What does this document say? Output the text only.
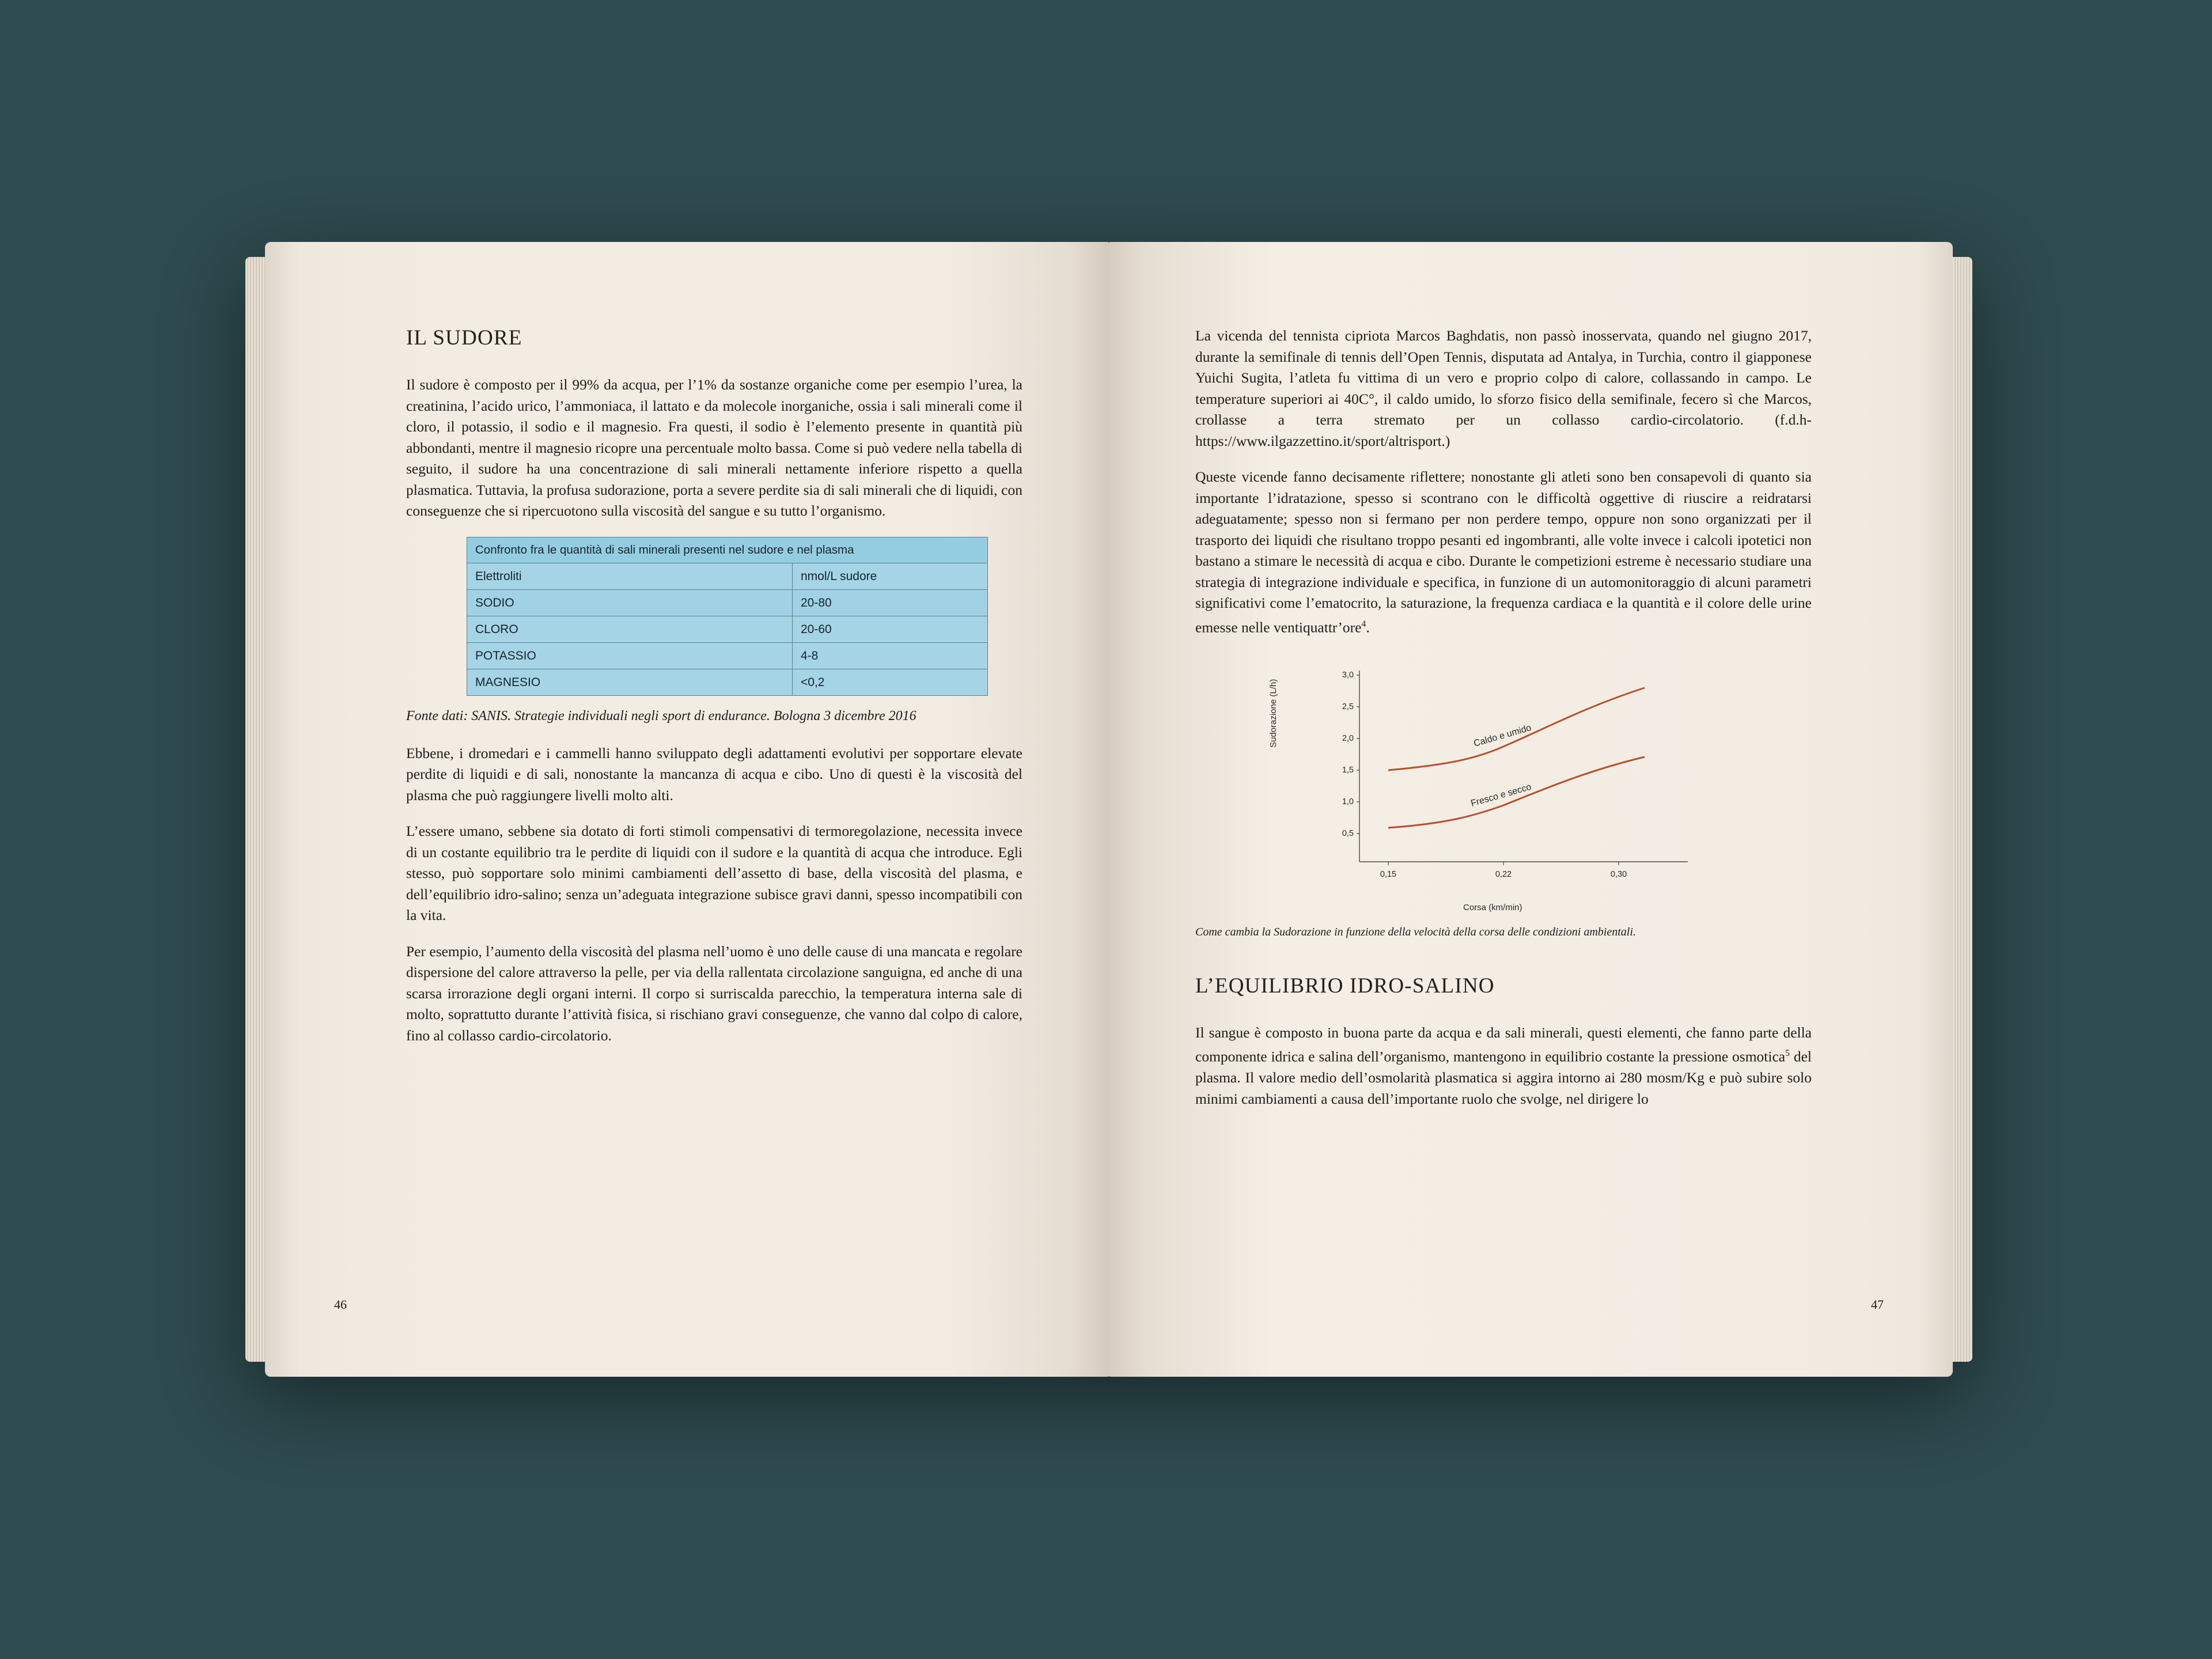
IL SUDORE

Il sudore è composto per il 99% da acqua, per l’1% da sostanze organiche come per esempio l’urea, la creatinina, l’acido urico, l’ammoniaca, il lattato e da molecole inorganiche, ossia i sali minerali come il cloro, il potassio, il sodio e il magnesio. Fra questi, il sodio è l’elemento presente in quantità più abbondanti, mentre il magnesio ricopre una percentuale molto bassa. Come si può vedere nella tabella di seguito, il sudore ha una concentrazione di sali minerali nettamente inferiore rispetto a quella plasmatica. Tuttavia, la profusa sudorazione, porta a severe perdite sia di sali minerali che di liquidi, con conseguenze che si ripercuotono sulla viscosità del sangue e su tutto l’organismo.

Confronto fra le quantità di sali minerali presenti nel sudore e nel plasma	
Elettroliti	nmol/L sudore
SODIO	20-80
CLORO	20-60
POTASSIO	4-8
MAGNESIO	<0,2
Fonte dati: SANIS. Strategie individuali negli sport di endurance. Bologna 3 dicembre 2016

Ebbene, i dromedari e i cammelli hanno sviluppato degli adattamenti evolutivi per sopportare elevate perdite di liquidi e di sali, nonostante la mancanza di acqua e cibo. Uno di questi è la viscosità del plasma che può raggiungere livelli molto alti.

L’essere umano, sebbene sia dotato di forti stimoli compensativi di termoregolazione, necessita invece di un costante equilibrio tra le perdite di liquidi con il sudore e la quantità di acqua che introduce. Egli stesso, può sopportare solo minimi cambiamenti dell’assetto di base, della viscosità del plasma, e dell’equilibrio idro-salino; senza un’adeguata integrazione subisce gravi danni, spesso incompatibili con la vita.

Per esempio, l’aumento della viscosità del plasma nell’uomo è uno delle cause di una mancata e regolare dispersione del calore attraverso la pelle, per via della rallentata circolazione sanguigna, ed anche di una scarsa irrorazione degli organi interni. Il corpo si surriscalda parecchio, la temperatura interna sale di molto, soprattutto durante l’attività fisica, si rischiano gravi conseguenze, che vanno dal colpo di calore, fino al collasso cardio-circolatorio.

46

La vicenda del tennista cipriota Marcos Baghdatis, non passò inosservata, quando nel giugno 2017, durante la semifinale di tennis dell’Open Tennis, disputata ad Antalya, in Turchia, contro il giapponese Yuichi Sugita, l’atleta fu vittima di un vero e proprio colpo di calore, collassando in campo. Le temperature superiori ai 40C°, il caldo umido, lo sforzo fisico della semifinale, fecero sì che Marcos, crollasse a terra stremato per un collasso cardio-circolatorio. (f.d.h-https://www.ilgazzettino.it/sport/altrisport.)

Queste vicende fanno decisamente riflettere; nonostante gli atleti sono ben consapevoli di quanto sia importante l’idratazione, spesso si scontrano con le difficoltà oggettive di riuscire a reidratarsi adeguatamente; spesso non si fermano per non perdere tempo, oppure non sono organizzati per il trasporto dei liquidi che risultano troppo pesanti ed ingombranti, alle volte invece i calcoli ipotetici non bastano a stimare le necessità di acqua e cibo. Durante le competizioni estreme è necessario studiare una strategia di integrazione individuale e specifica, in funzione di un automonitoraggio di alcuni parametri significativi come l’ematocrito, la saturazione, la frequenza cardiaca e la quantità e il colore delle urine emesse nelle ventiquattr’ore$^4$.

Sudorazione (L/h)
3,0
2,5
2,0
1,5
1,0
0,5
0,15	0,22	0,30
Caldo e umido
Fresco e secco
Corsa (km/min)
Come cambia la Sudorazione in funzione della velocità della corsa delle condizioni ambientali.
L’EQUILIBRIO IDRO-SALINO

Il sangue è composto in buona parte da acqua e da sali minerali, questi elementi, che fanno parte della componente idrica e salina dell’organismo, mantengono in equilibrio costante la pressione osmotica$^5$ del plasma. Il valore medio dell’osmolarità plasmatica si aggira intorno ai 280 mosm/Kg e può subire solo minimi cambiamenti a causa dell’importante ruolo che svolge, nel dirigere lo

47
